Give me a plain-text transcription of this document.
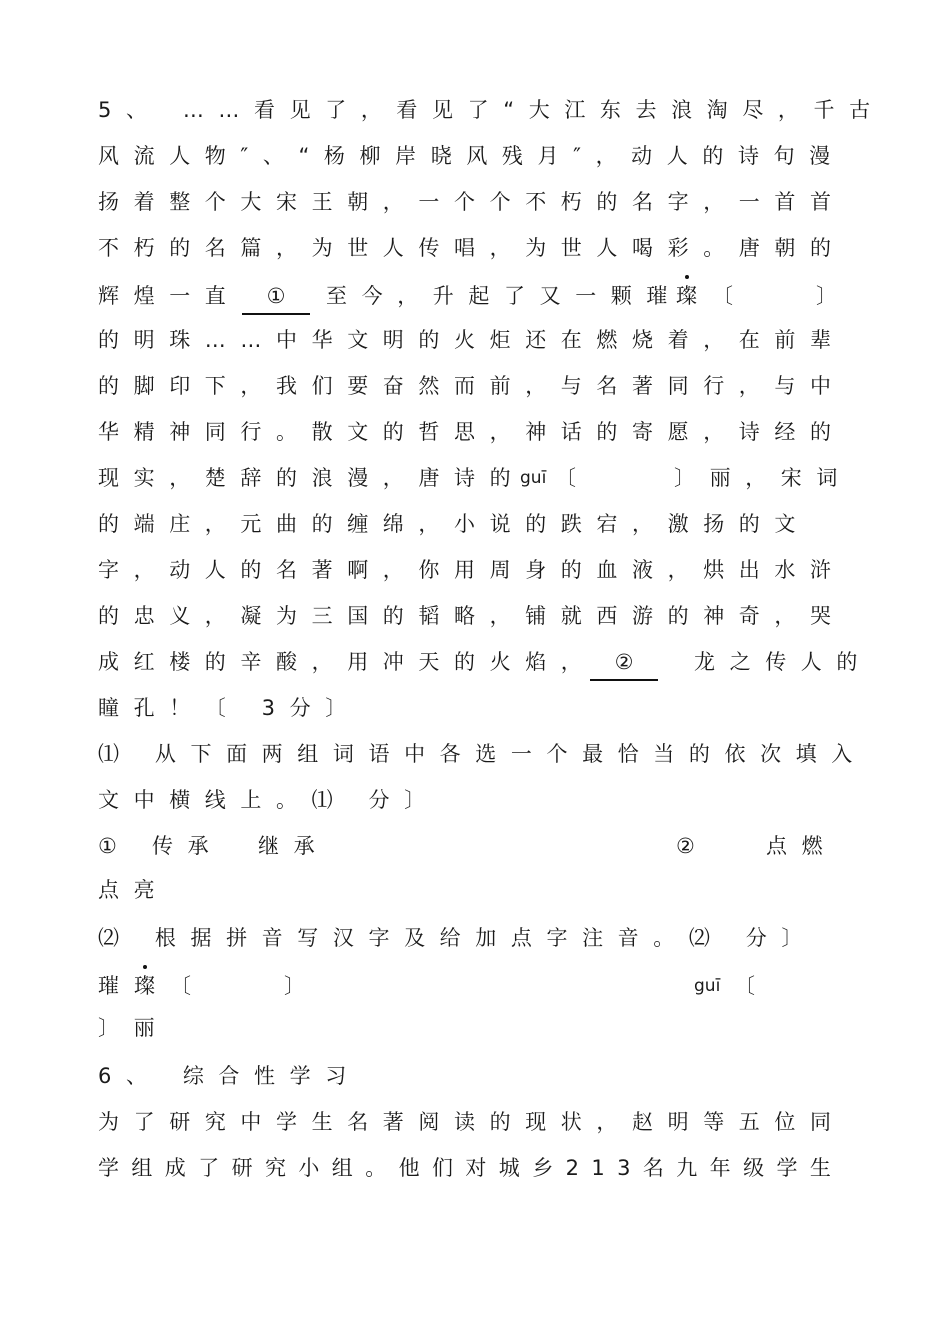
5、 ……看见了，看见了“大江东去浪淘尽，千古
风流人物″、“杨柳岸晓风残月″，动人的诗句漫
扬着整个大宋王朝，一个个不朽的名字，一首首
不朽的名篇，为世人传唱，为世人喝彩。唐朝的
辉煌一直	①	至今，升起了又一颗璀
璨 〔	〕
的明珠……中华文明的火炬还在燃烧着，在前辈
的脚印下，我们要奋然而前，与名著同行，与中
华精神同行。散文的哲思，神话的寄愿，诗经的
现实，楚辞的浪漫，唐诗的
guī 〔	〕丽，宋词
的端庄，元曲的缠绵，小说的跌宕，激扬的文
字，动人的名著啊，你用周身的血液，烘出水浒
的忠义，凝为三国的韬略，铺就西游的神奇，哭
成红楼的辛酸，用冲天的火焰， ②	龙之传人的
瞳孔！〔 3分〕
⑴ 从下面两组词语中各选一个最恰当的依次填入
文中横线上。⑴ 分〕
① 传承 继承	②	点燃
点亮
⑵ 根据拼音写汉字及给加点字注音。⑵ 分〕
璀 璨 〔	〕	guī 〔
〕丽
6、 综合性学习
为了研究中学生名著阅读的现状，赵明等五位同
学组成了研究小组。他们对城乡213名九年级学生
